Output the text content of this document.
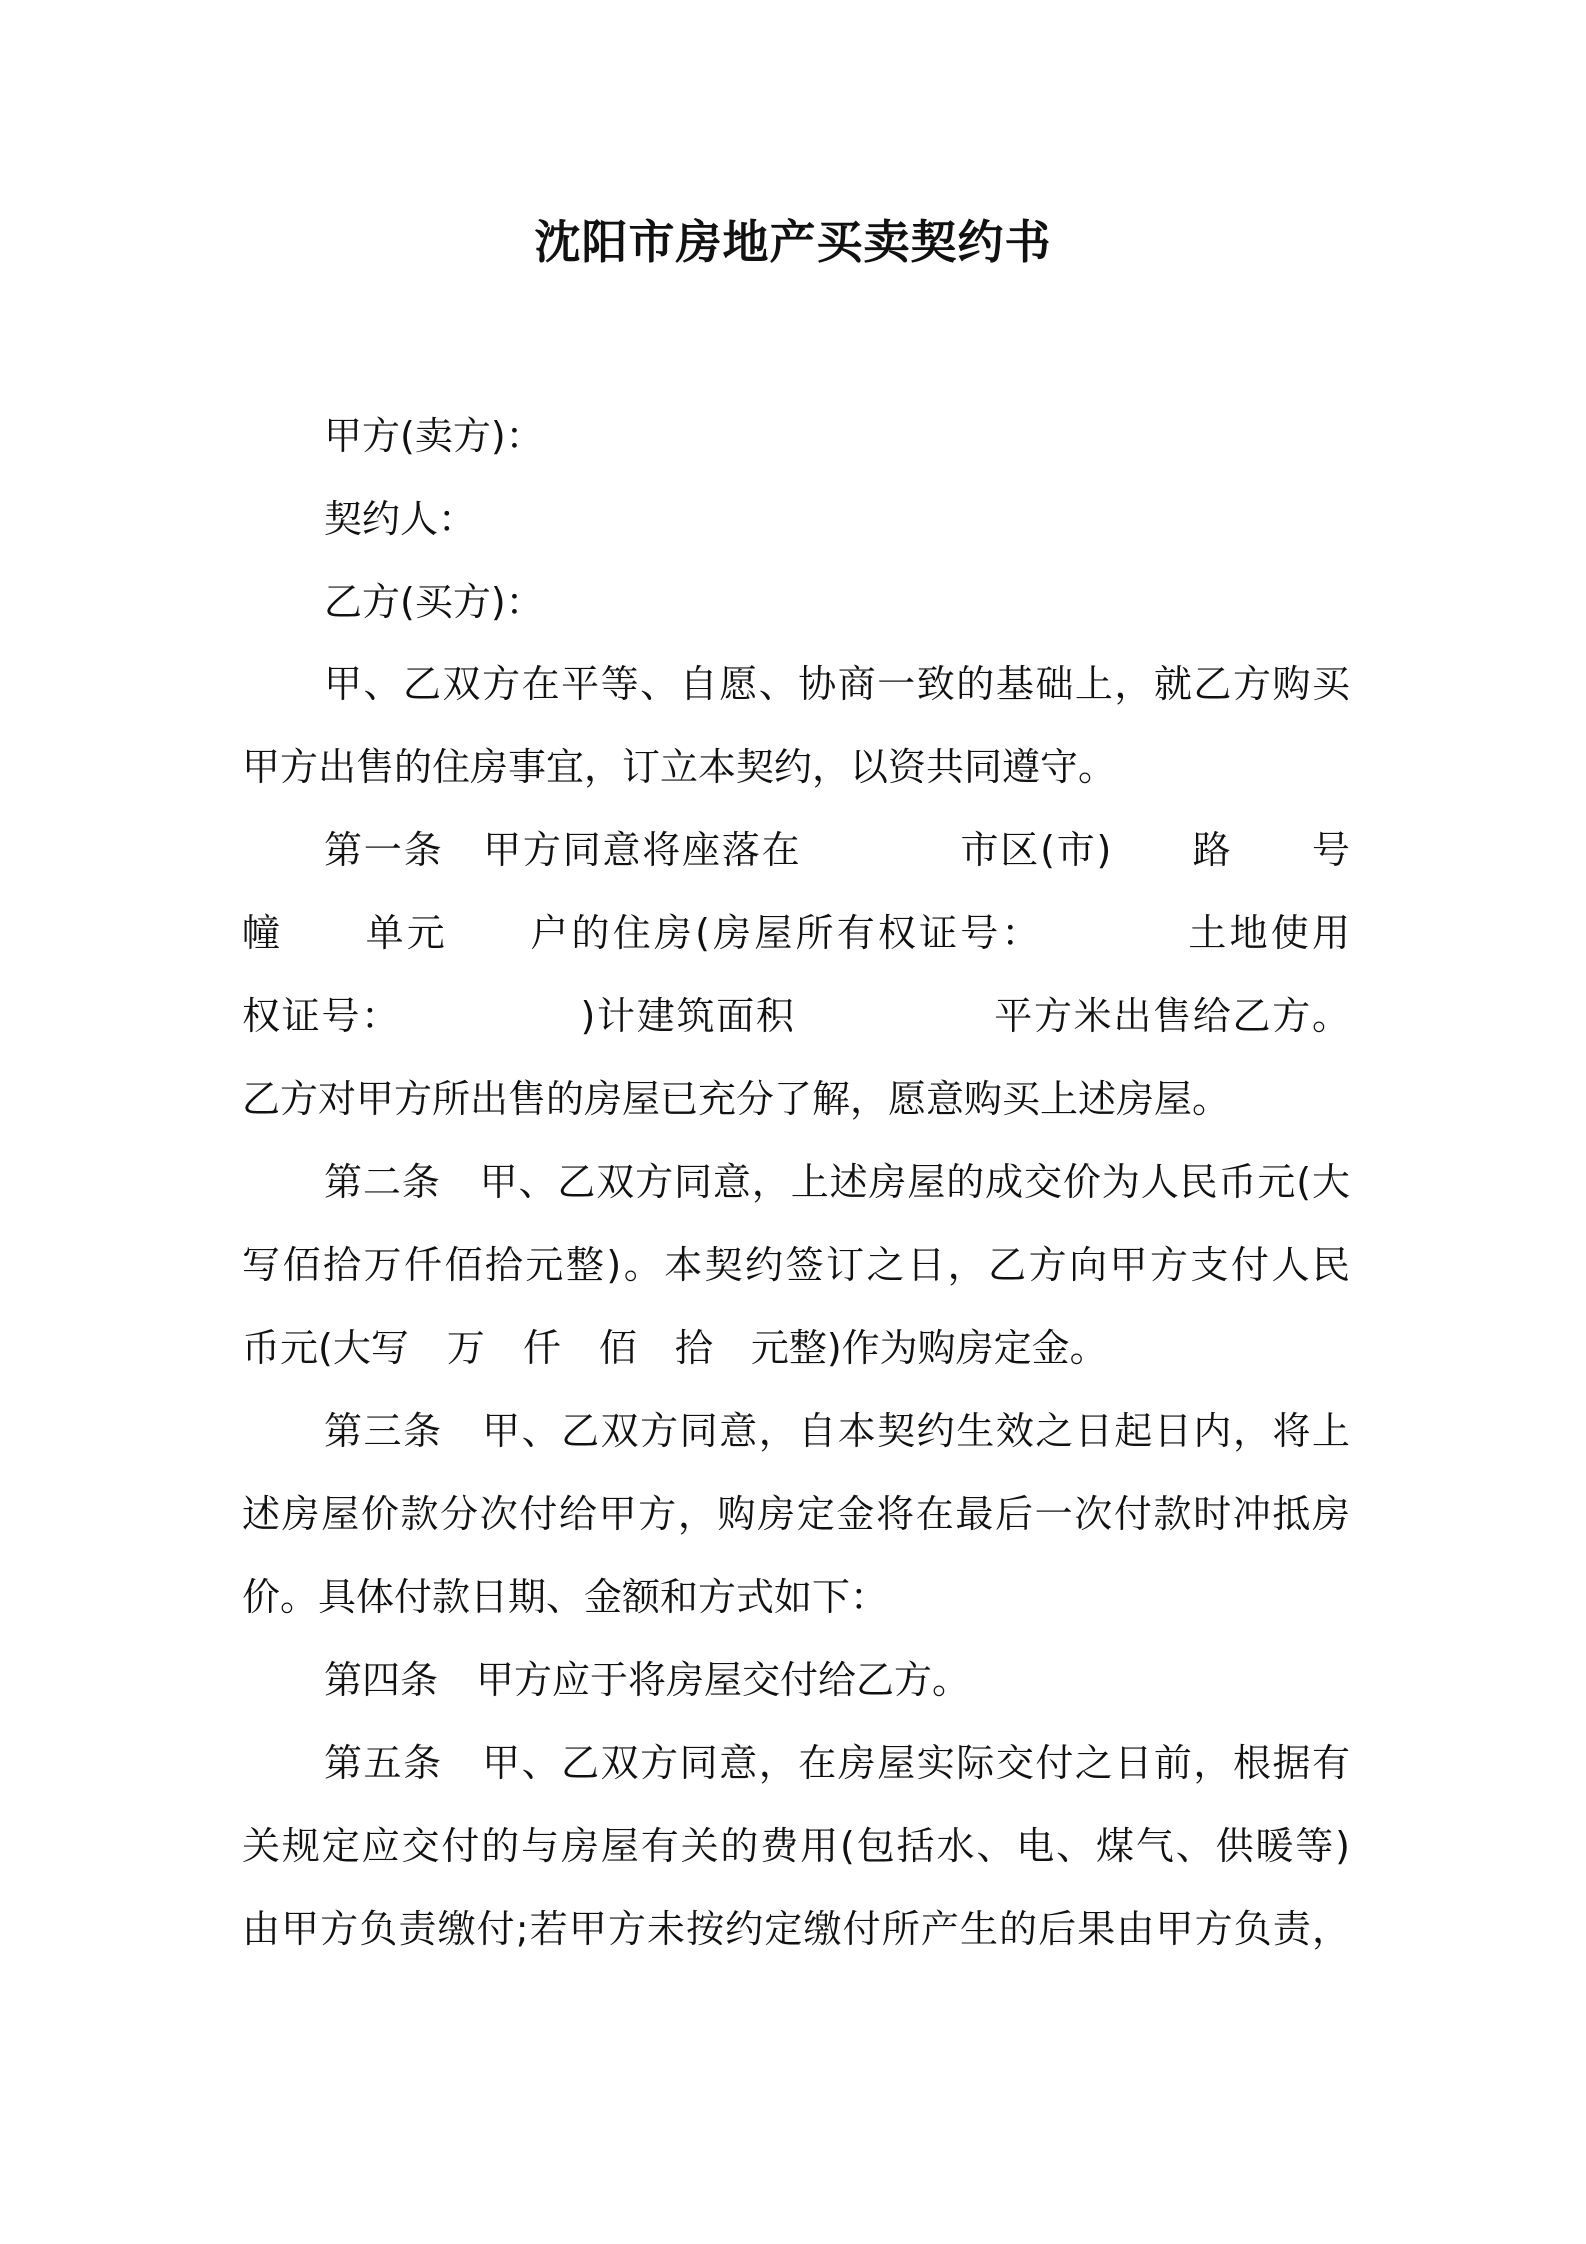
沈阳市房地产买卖契约书
甲方(卖方)：
契约人：
乙方(买方)：
甲、乙双方在平等、自愿、协商一致的基础上，就乙方购买
甲方出售的住房事宜，订立本契约，以资共同遵守。
第一条　甲方同意将座落在　　　　市区(市)　　路　　号
幢　　单元　　户的住房(房屋所有权证号：　　　　土地使用
权证号：　　　　　)计建筑面积　　　　　平方米出售给乙方。
乙方对甲方所出售的房屋已充分了解，愿意购买上述房屋。
第二条　甲、乙双方同意，上述房屋的成交价为人民币元(大
写佰拾万仟佰拾元整)。本契约签订之日，乙方向甲方支付人民
币元(大写　万　仟　佰　拾　元整)作为购房定金。
第三条　甲、乙双方同意，自本契约生效之日起日内，将上
述房屋价款分次付给甲方，购房定金将在最后一次付款时冲抵房
价。具体付款日期、金额和方式如下：
第四条　甲方应于将房屋交付给乙方。
第五条　甲、乙双方同意，在房屋实际交付之日前，根据有
关规定应交付的与房屋有关的费用(包括水、电、煤气、供暖等)
由甲方负责缴付;若甲方未按约定缴付所产生的后果由甲方负责，
